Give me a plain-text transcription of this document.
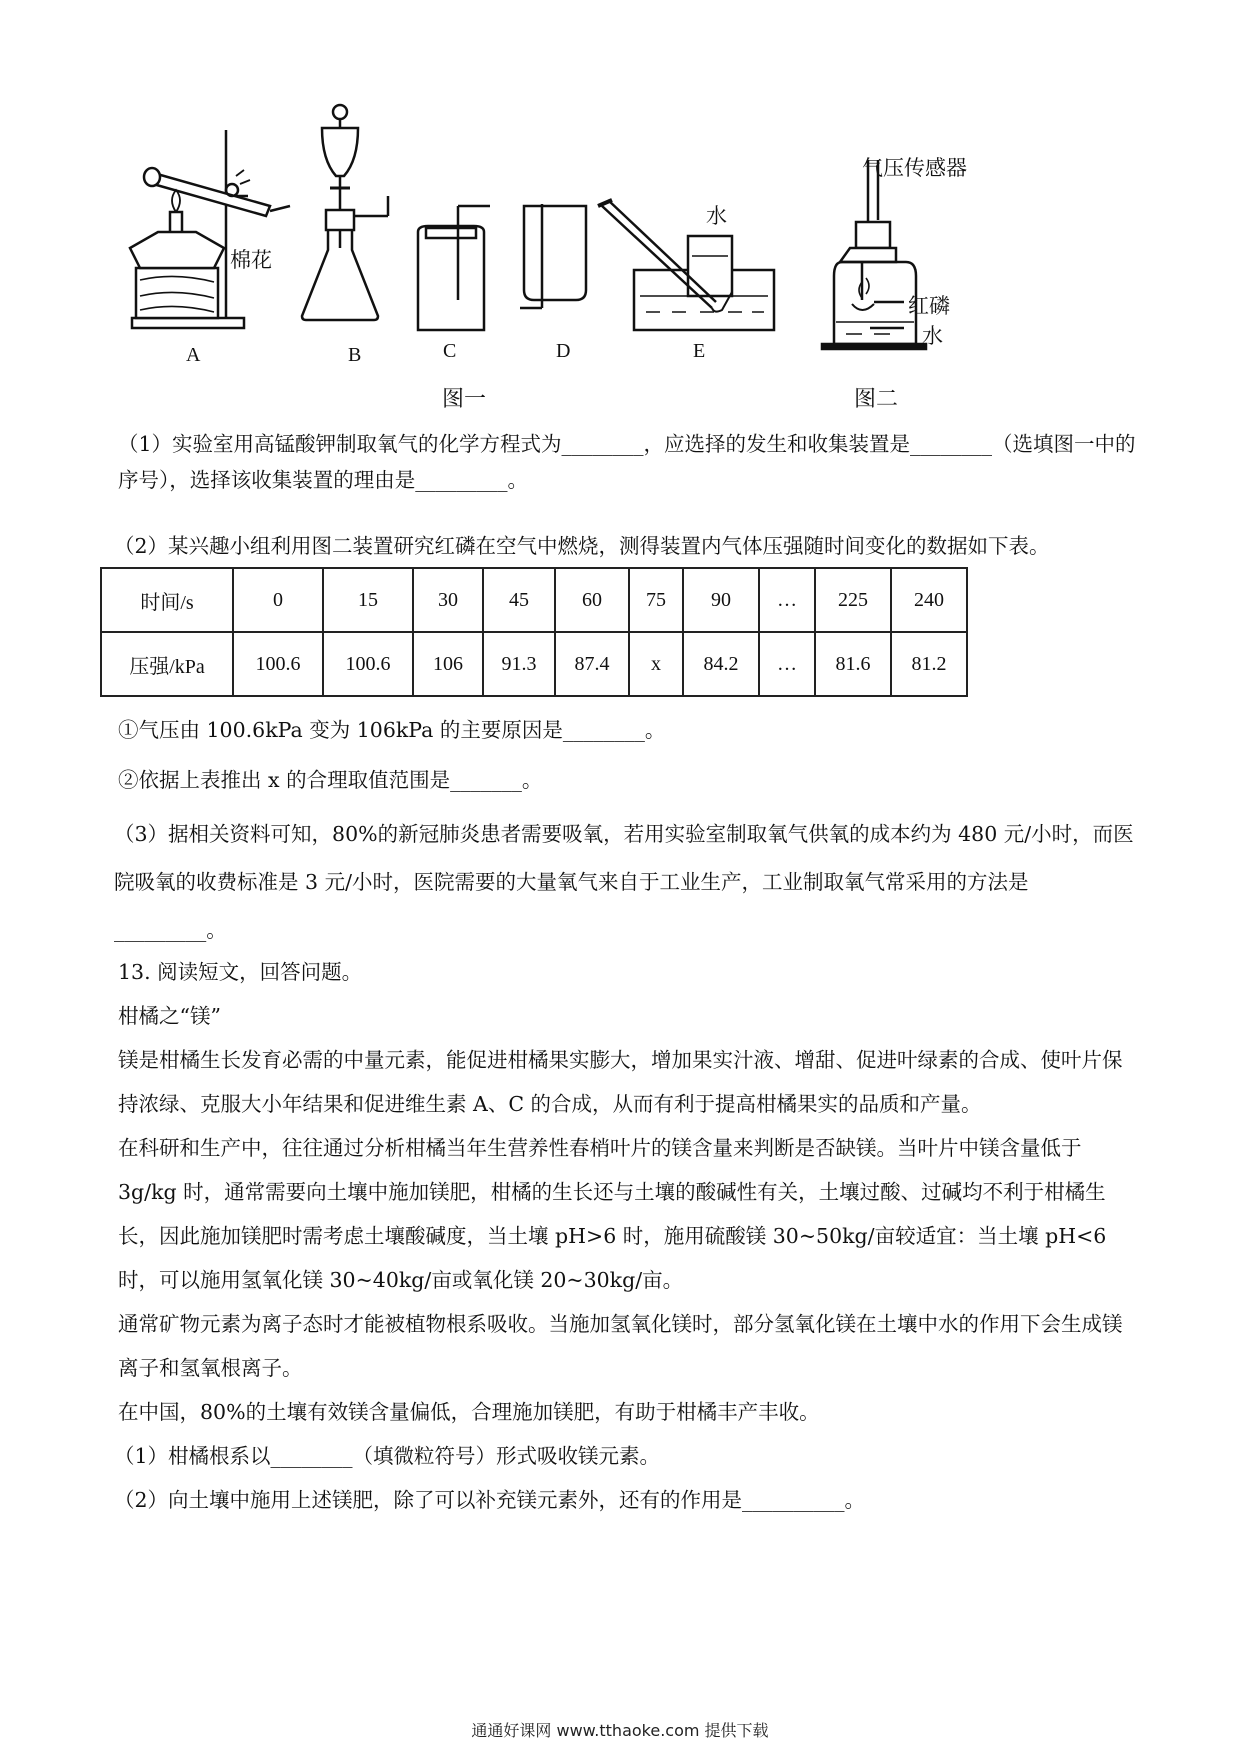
A	B	C	D	E
棉花
水
气压传感器
红磷
水
图一	图二

（1）实验室用高锰酸钾制取氧气的化学方程式为________，应选择的发生和收集装置是________（选填图一中的序号），选择该收集装置的理由是_________。

（2）某兴趣小组利用图二装置研究红磷在空气中燃烧，测得装置内气体压强随时间变化的数据如下表。

时间/s	0	15	30	45	60	75	90	…	225	240
压强/kPa	100.6	100.6	106	91.3	87.4	x	84.2	…	81.6	81.2

①气压由 100.6kPa 变为 106kPa 的主要原因是________。

②依据上表推出 x 的合理取值范围是_______。

（3）据相关资料可知，80%的新冠肺炎患者需要吸氧，若用实验室制取氧气供氧的成本约为 480 元/小时，而医院吸氧的收费标准是 3 元/小时，医院需要的大量氧气来自于工业生产，工业制取氧气常采用的方法是_________。

13. 阅读短文，回答问题。

柑橘之“镁”

镁是柑橘生长发育必需的中量元素，能促进柑橘果实膨大，增加果实汁液、增甜、促进叶绿素的合成、使叶片保持浓绿、克服大小年结果和促进维生素 A、C 的合成，从而有利于提高柑橘果实的品质和产量。

在科研和生产中，往往通过分析柑橘当年生营养性春梢叶片的镁含量来判断是否缺镁。当叶片中镁含量低于 3g/kg 时，通常需要向土壤中施加镁肥，柑橘的生长还与土壤的酸碱性有关，土壤过酸、过碱均不利于柑橘生长，因此施加镁肥时需考虑土壤酸碱度，当土壤 pH>6 时，施用硫酸镁 30~50kg/亩较适宜：当土壤 pH<6 时，可以施用氢氧化镁 30~40kg/亩或氧化镁 20~30kg/亩。

通常矿物元素为离子态时才能被植物根系吸收。当施加氢氧化镁时，部分氢氧化镁在土壤中水的作用下会生成镁离子和氢氧根离子。

在中国，80%的土壤有效镁含量偏低，合理施加镁肥，有助于柑橘丰产丰收。

（1）柑橘根系以________（填微粒符号）形式吸收镁元素。

（2）向土壤中施用上述镁肥，除了可以补充镁元素外，还有的作用是__________。

通通好课网 www.tthaoke.com 提供下载
